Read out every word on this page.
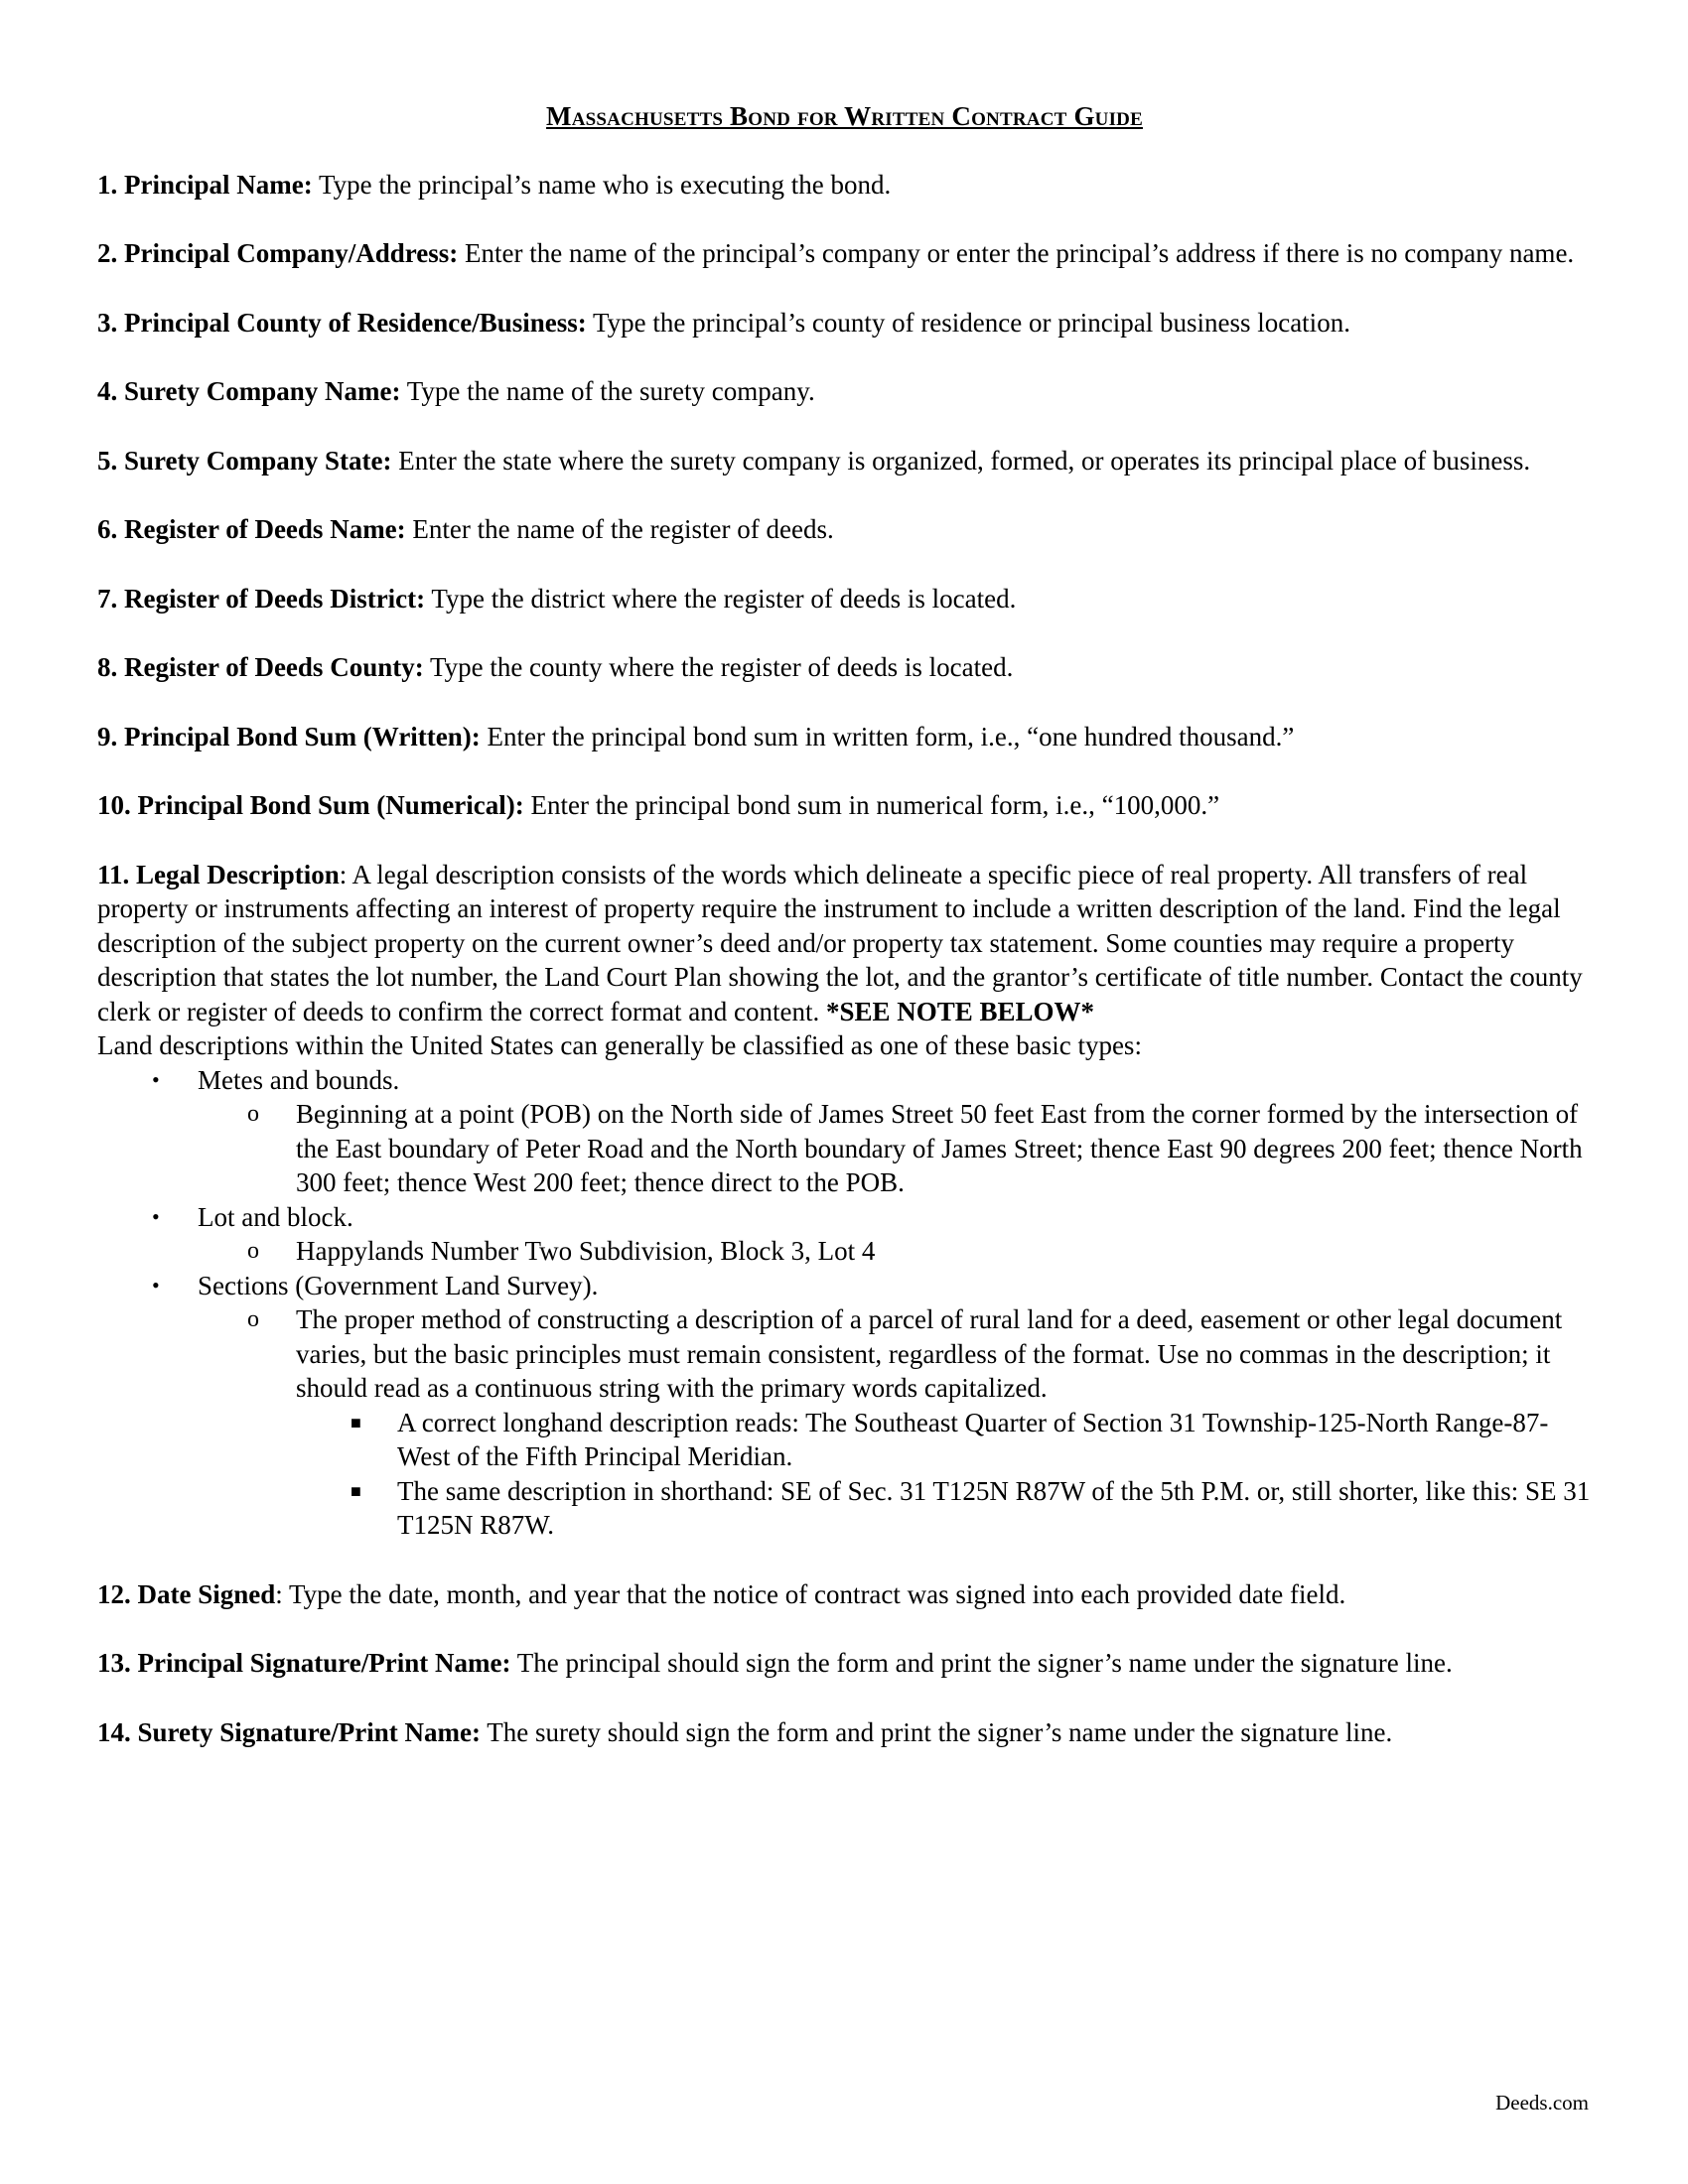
Massachusetts Bond for Written Contract Guide
1. Principal Name: Type the principal’s name who is executing the bond.
2. Principal Company/Address: Enter the name of the principal’s company or enter the principal’s address if there is no company name.
3. Principal County of Residence/Business: Type the principal’s county of residence or principal business location.
4. Surety Company Name: Type the name of the surety company.
5. Surety Company State: Enter the state where the surety company is organized, formed, or operates its principal place of business.
6. Register of Deeds Name: Enter the name of the register of deeds.
7. Register of Deeds District: Type the district where the register of deeds is located.
8. Register of Deeds County: Type the county where the register of deeds is located.
9. Principal Bond Sum (Written): Enter the principal bond sum in written form, i.e., “one hundred thousand.”
10. Principal Bond Sum (Numerical): Enter the principal bond sum in numerical form, i.e., “100,000.”
11. Legal Description: A legal description consists of the words which delineate a specific piece of real property. All transfers of real property or instruments affecting an interest of property require the instrument to include a written description of the land. Find the legal description of the subject property on the current owner’s deed and/or property tax statement. Some counties may require a property description that states the lot number, the Land Court Plan showing the lot, and the grantor’s certificate of title number. Contact the county clerk or register of deeds to confirm the correct format and content. *SEE NOTE BELOW*
Land descriptions within the United States can generally be classified as one of these basic types:
• Metes and bounds.
o Beginning at a point (POB) on the North side of James Street 50 feet East from the corner formed by the intersection of the East boundary of Peter Road and the North boundary of James Street; thence East 90 degrees 200 feet; thence North 300 feet; thence West 200 feet; thence direct to the POB.
• Lot and block.
o Happylands Number Two Subdivision, Block 3, Lot 4
• Sections (Government Land Survey).
o The proper method of constructing a description of a parcel of rural land for a deed, easement or other legal document varies, but the basic principles must remain consistent, regardless of the format. Use no commas in the description; it should read as a continuous string with the primary words capitalized.
■ A correct longhand description reads: The Southeast Quarter of Section 31 Township-125-North Range-87-West of the Fifth Principal Meridian.
■ The same description in shorthand: SE of Sec. 31 T125N R87W of the 5th P.M. or, still shorter, like this: SE 31 T125N R87W.
12. Date Signed: Type the date, month, and year that the notice of contract was signed into each provided date field.
13. Principal Signature/Print Name: The principal should sign the form and print the signer’s name under the signature line.
14. Surety Signature/Print Name: The surety should sign the form and print the signer’s name under the signature line.
Deeds.com
